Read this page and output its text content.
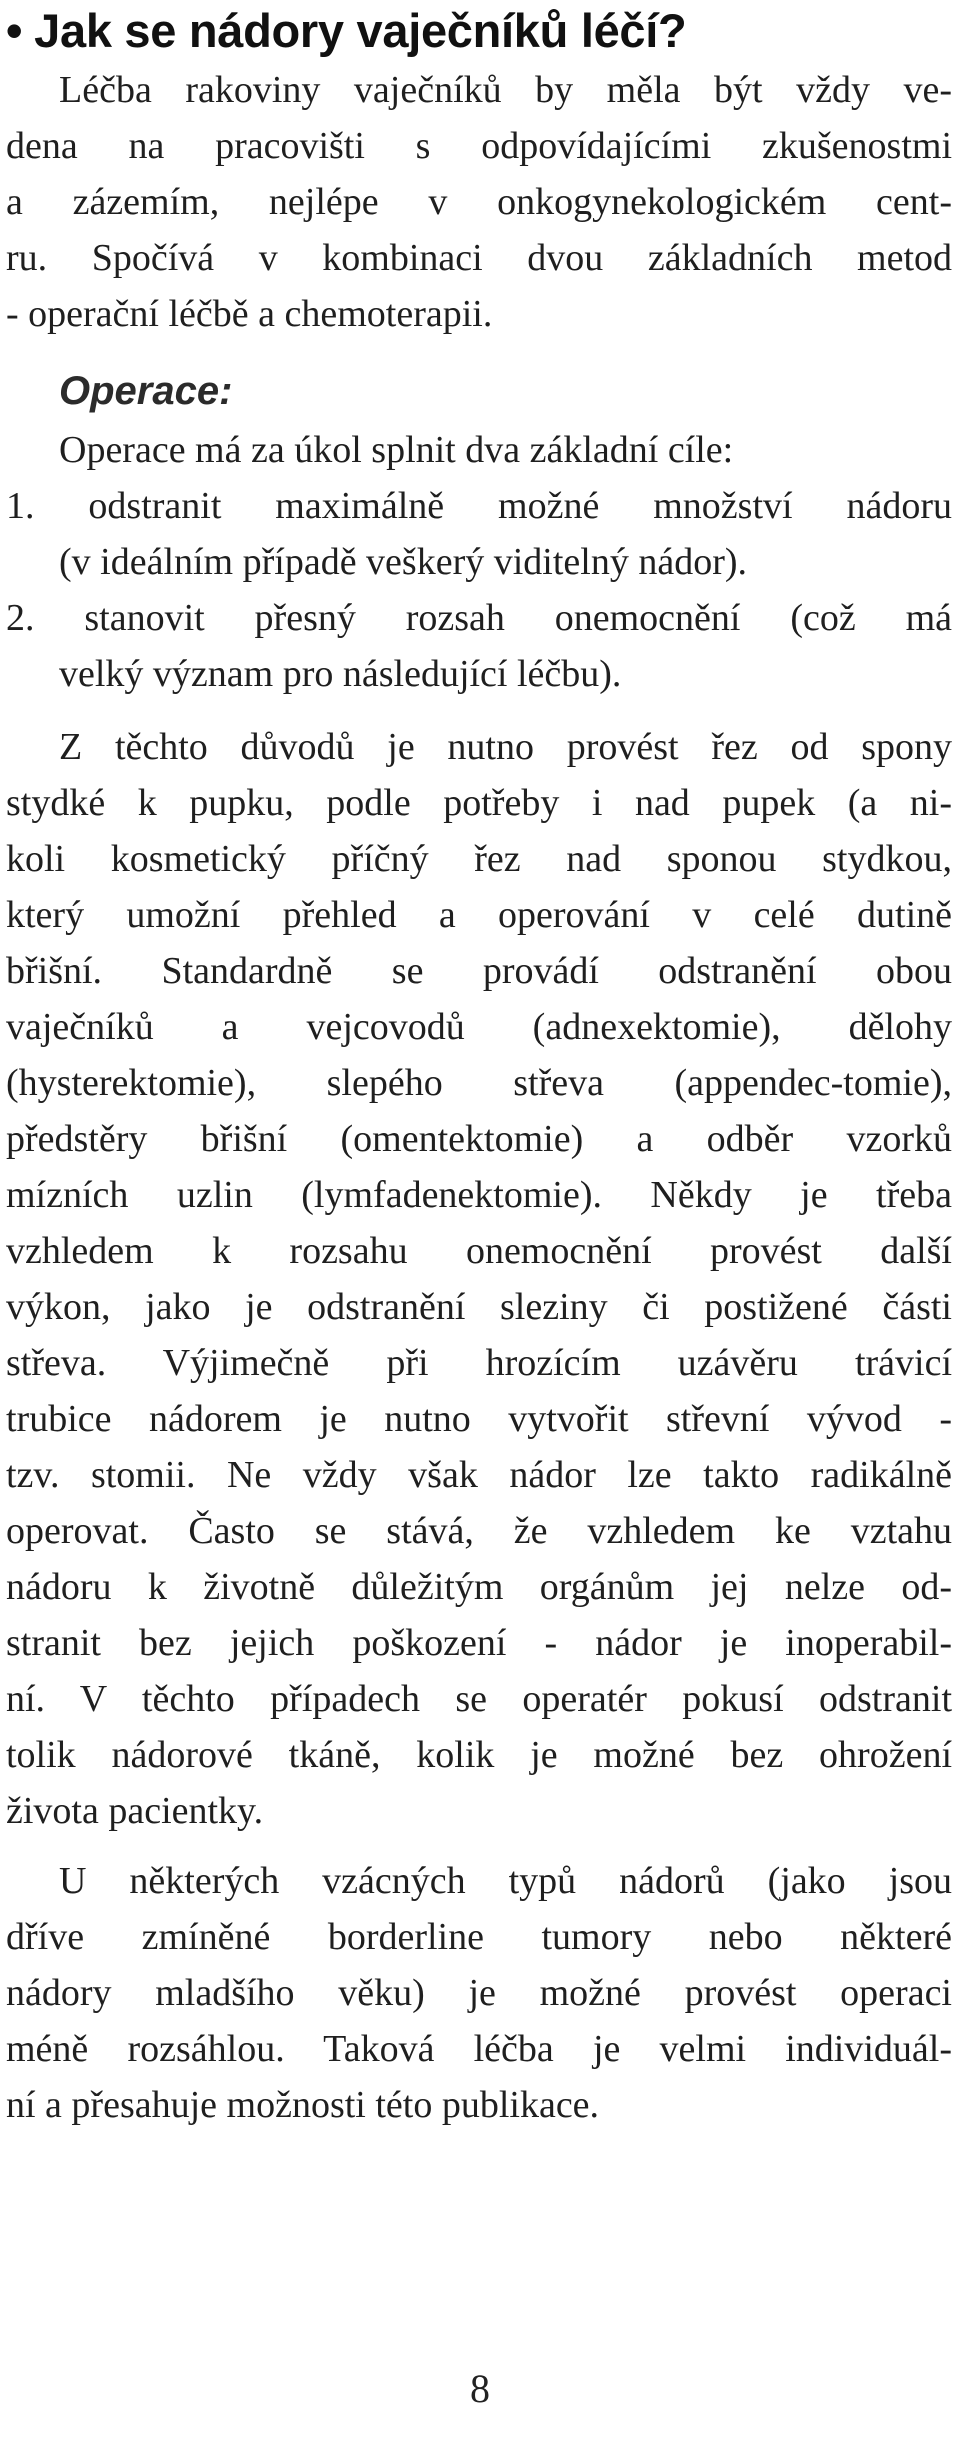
• Jak se nádory vaječníků léčí?
Léčba rakoviny vaječníků by měla být vždy ve-
dena na pracovišti s odpovídajícími zkušenostmi
a zázemím, nejlépe v onkogynekologickém cent-
ru. Spočívá v kombinaci dvou základních metod
- operační léčbě a chemoterapii.
Operace:
Operace má za úkol splnit dva základní cíle:
1. odstranit maximálně možné množství nádoru
(v ideálním případě veškerý viditelný nádor).
2. stanovit přesný rozsah onemocnění (což má
velký význam pro následující léčbu).
Z těchto důvodů je nutno provést řez od spony
stydké k pupku, podle potřeby i nad pupek (a ni-
koli kosmetický příčný řez nad sponou stydkou,
který umožní přehled a operování v celé dutině
břišní. Standardně se provádí odstranění obou
vaječníků a vejcovodů (adnexektomie), dělohy
(hysterektomie), slepého střeva (appendec-tomie),
předstěry břišní (omentektomie) a odběr vzorků
mízních uzlin (lymfadenektomie). Někdy je třeba
vzhledem k rozsahu onemocnění provést další
výkon, jako je odstranění sleziny či postižené části
střeva. Výjimečně při hrozícím uzávěru trávicí
trubice nádorem je nutno vytvořit střevní vývod -
tzv. stomii. Ne vždy však nádor lze takto radikálně
operovat. Často se stává, že vzhledem ke vztahu
nádoru k životně důležitým orgánům jej nelze od-
stranit bez jejich poškození - nádor je inoperabil-
ní. V těchto případech se operatér pokusí odstranit
tolik nádorové tkáně, kolik je možné bez ohrožení
života pacientky.
U některých vzácných typů nádorů (jako jsou
dříve zmíněné borderline tumory nebo některé
nádory mladšího věku) je možné provést operaci
méně rozsáhlou. Taková léčba je velmi individuál-
ní a přesahuje možnosti této publikace.
8
